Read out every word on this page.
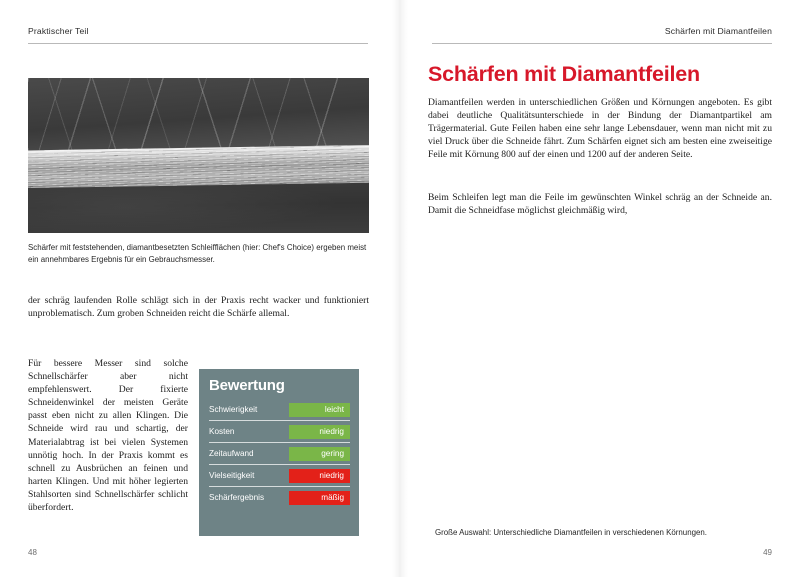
Praktischer Teil
Schärfer mit feststehenden, diamantbesetzten Schleifflächen (hier: Chef's Choice) ergeben meist ein annehmbares Ergebnis für ein Gebrauchsmesser.

der schräg laufenden Rolle schlägt sich in der Praxis recht wacker und funktioniert unproblematisch. Zum groben Schneiden reicht die Schärfe allemal.

Für bessere Messer sind solche Schnellschärfer aber nicht empfehlenswert. Der fixierte Schneidenwinkel der meisten Geräte passt eben nicht zu allen Klingen. Die Schneide wird rau und schartig, der Materialabtrag ist bei vielen Systemen unnötig hoch. In der Praxis kommt es schnell zu Ausbrüchen an feinen und harten Klingen. Und mit höher legierten Stahlsorten sind Schnellschärfer schlicht überfordert.

Bewertung
Schwierigkeit	leicht
Kosten	niedrig
Zeitaufwand	gering
Vielseitigkeit	niedrig
Schärfergebnis	mäßig
48
Schärfen mit Diamantfeilen
Schärfen mit Diamantfeilen

Diamantfeilen werden in unterschiedlichen Größen und Körnungen angeboten. Es gibt dabei deutliche Qualitätsunterschiede in der Bindung der Diamantpartikel am Trägermaterial. Gute Feilen haben eine sehr lange Lebensdauer, wenn man nicht mit zu viel Druck über die Schneide fährt. Zum Schärfen eignet sich am besten eine zweiseitige Feile mit Körnung 800 auf der einen und 1200 auf der anderen Seite.

Beim Schleifen legt man die Feile im gewünschten Winkel schräg an der Schneide an. Damit die Schneidfase möglichst gleichmäßig wird,

Große Auswahl: Unterschiedliche Diamantfeilen in verschiedenen Körnungen.
49
